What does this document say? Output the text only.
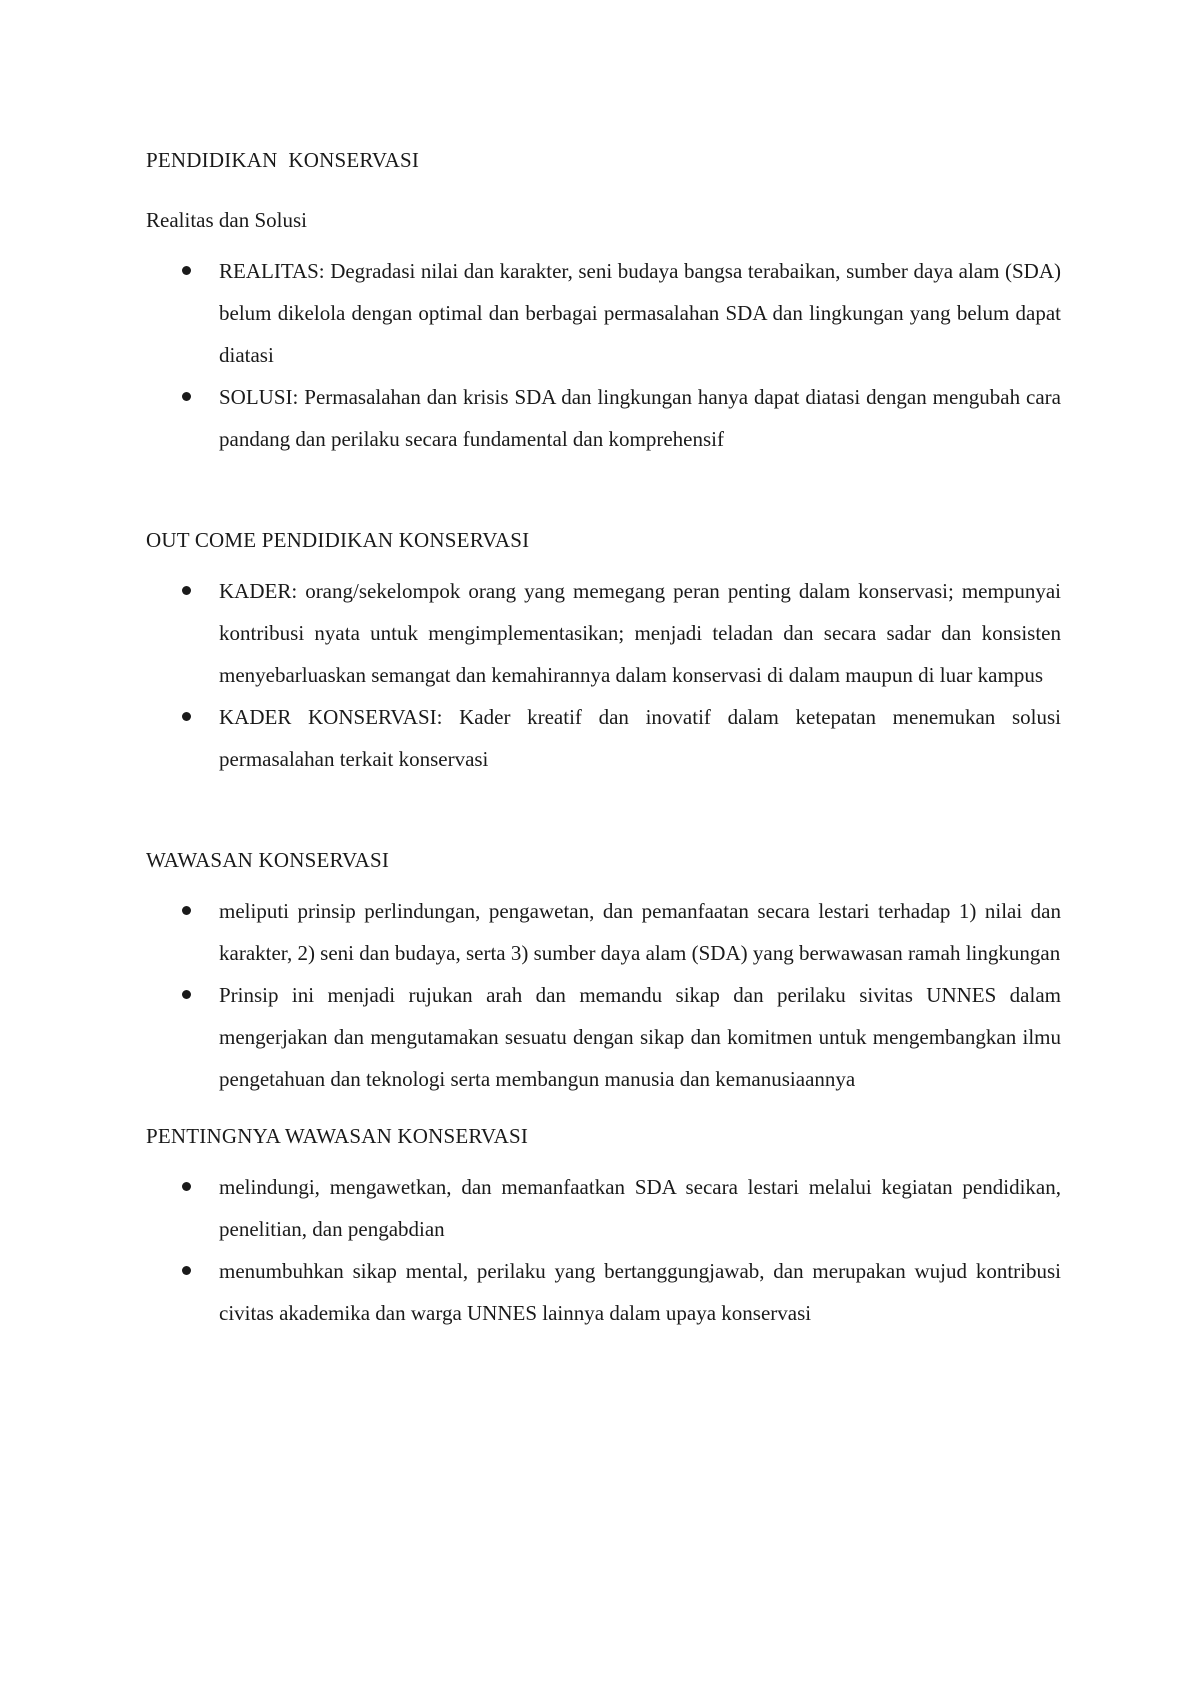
PENDIDIKAN  KONSERVASI

Realitas dan Solusi

REALITAS: Degradasi nilai dan karakter, seni budaya bangsa terabaikan, sumber daya alam (SDA) belum dikelola dengan optimal dan berbagai permasalahan SDA dan lingkungan yang belum dapat diatasi
SOLUSI: Permasalahan dan krisis SDA dan lingkungan hanya dapat diatasi dengan mengubah cara pandang dan perilaku secara fundamental dan komprehensif
OUT COME PENDIDIKAN KONSERVASI
KADER: orang/sekelompok orang yang memegang peran penting dalam konservasi; mempunyai kontribusi nyata untuk mengimplementasikan; menjadi teladan dan secara sadar dan konsisten menyebarluaskan semangat dan kemahirannya dalam konservasi di dalam maupun di luar kampus
KADER KONSERVASI: Kader kreatif dan inovatif dalam ketepatan menemukan solusi permasalahan terkait konservasi
WAWASAN KONSERVASI
meliputi prinsip perlindungan, pengawetan, dan pemanfaatan secara lestari terhadap 1) nilai dan karakter, 2) seni dan budaya, serta 3) sumber daya alam (SDA) yang berwawasan ramah lingkungan
Prinsip ini menjadi rujukan arah dan memandu sikap dan perilaku sivitas UNNES dalam mengerjakan dan mengutamakan sesuatu dengan sikap dan komitmen untuk mengembangkan ilmu pengetahuan dan teknologi serta membangun manusia dan kemanusiaannya
PENTINGNYA WAWASAN KONSERVASI
melindungi, mengawetkan, dan memanfaatkan SDA secara lestari melalui kegiatan pendidikan, penelitian, dan pengabdian
menumbuhkan sikap mental, perilaku yang bertanggungjawab, dan merupakan wujud kontribusi civitas akademika dan warga UNNES lainnya dalam upaya konservasi
